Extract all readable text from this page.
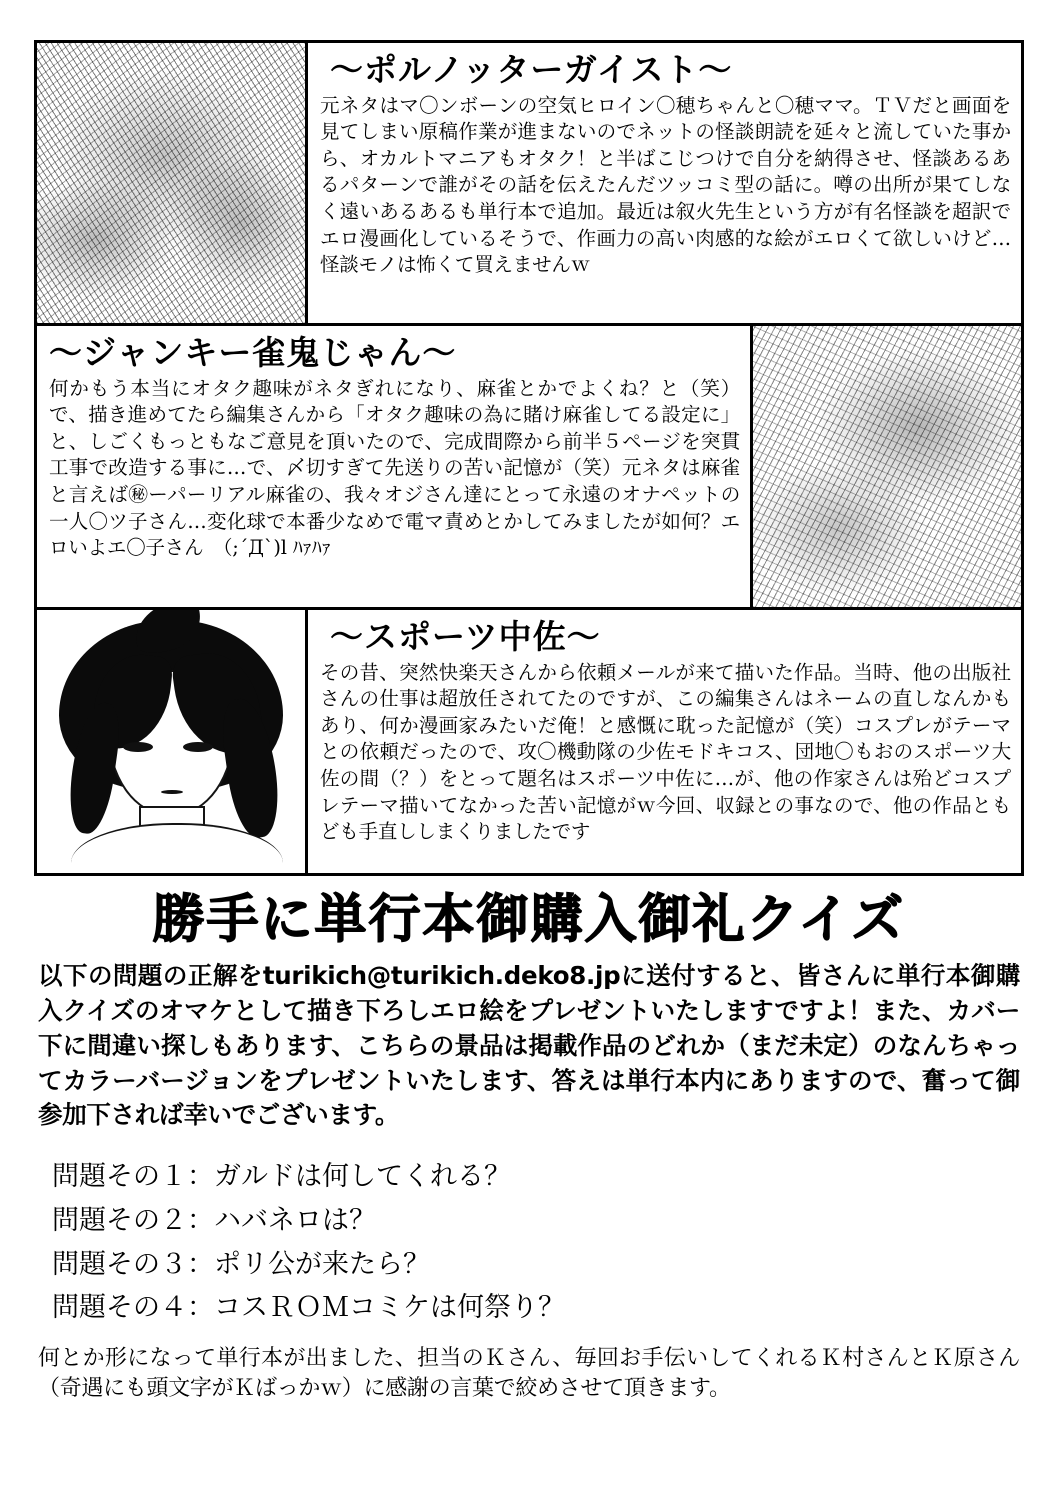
〜ポルノッターガイスト〜
元ネタはマ〇ンボーンの空気ヒロイン〇穂ちゃんと〇穂ママ。ＴＶだと画面を見てしまい原稿作業が進まないのでネットの怪談朗読を延々と流していた事から、オカルトマニアもオタク！と半ばこじつけで自分を納得させ、怪談あるあるパターンで誰がその話を伝えたんだツッコミ型の話に。噂の出所が果てしなく遠いあるあるも単行本で追加。最近は叙火先生という方が有名怪談を超訳でエロ漫画化しているそうで、作画力の高い肉感的な絵がエロくて欲しいけど…怪談モノは怖くて買えませんｗ
〜ジャンキー雀鬼じゃん〜
何かもう本当にオタク趣味がネタぎれになり、麻雀とかでよくね？と（笑）で、描き進めてたら編集さんから「オタク趣味の為に賭け麻雀してる設定に」と、しごくもっともなご意見を頂いたので、完成間際から前半５ページを突貫工事で改造する事に…で、〆切すぎて先送りの苦い記憶が（笑）元ネタは麻雀と言えば㊙ーパーリアル麻雀の、我々オジさん達にとって永遠のオナペットの一人〇ツ子さん…変化球で本番少なめで電マ責めとかしてみましたが如何？エロいよエ〇子さん　（;´Д`)l ﾊｧﾊｧ
〜スポーツ中佐〜
その昔、突然快楽天さんから依頼メールが来て描いた作品。当時、他の出版社さんの仕事は超放任されてたのですが、この編集さんはネームの直しなんかもあり、何か漫画家みたいだ俺！と感慨に耽った記憶が（笑）コスプレがテーマとの依頼だったので、攻〇機動隊の少佐モドキコス、団地〇もおのスポーツ大佐の間（？）をとって題名はスポーツ中佐に…が、他の作家さんは殆どコスプレテーマ描いてなかった苦い記憶がｗ今回、収録との事なので、他の作品ともども手直ししまくりましたです
勝手に単行本御購入御礼クイズ
以下の問題の正解をturikich@turikich.deko8.jpに送付すると、皆さんに単行本御購入クイズのオマケとして描き下ろしエロ絵をプレゼントいたしますですよ！また、カバー下に間違い探しもあります、こちらの景品は掲載作品のどれか（まだ未定）のなんちゃってカラーバージョンをプレゼントいたします、答えは単行本内にありますので、奮って御参加下されば幸いでございます。
問題その１：ガルドは何してくれる？
問題その２：ハバネロは？
問題その３：ポリ公が来たら？
問題その４：コスＲＯＭコミケは何祭り？
何とか形になって単行本が出ました、担当のＫさん、毎回お手伝いしてくれるＫ村さんとＫ原さん（奇遇にも頭文字がＫばっかｗ）に感謝の言葉で絞めさせて頂きます。
